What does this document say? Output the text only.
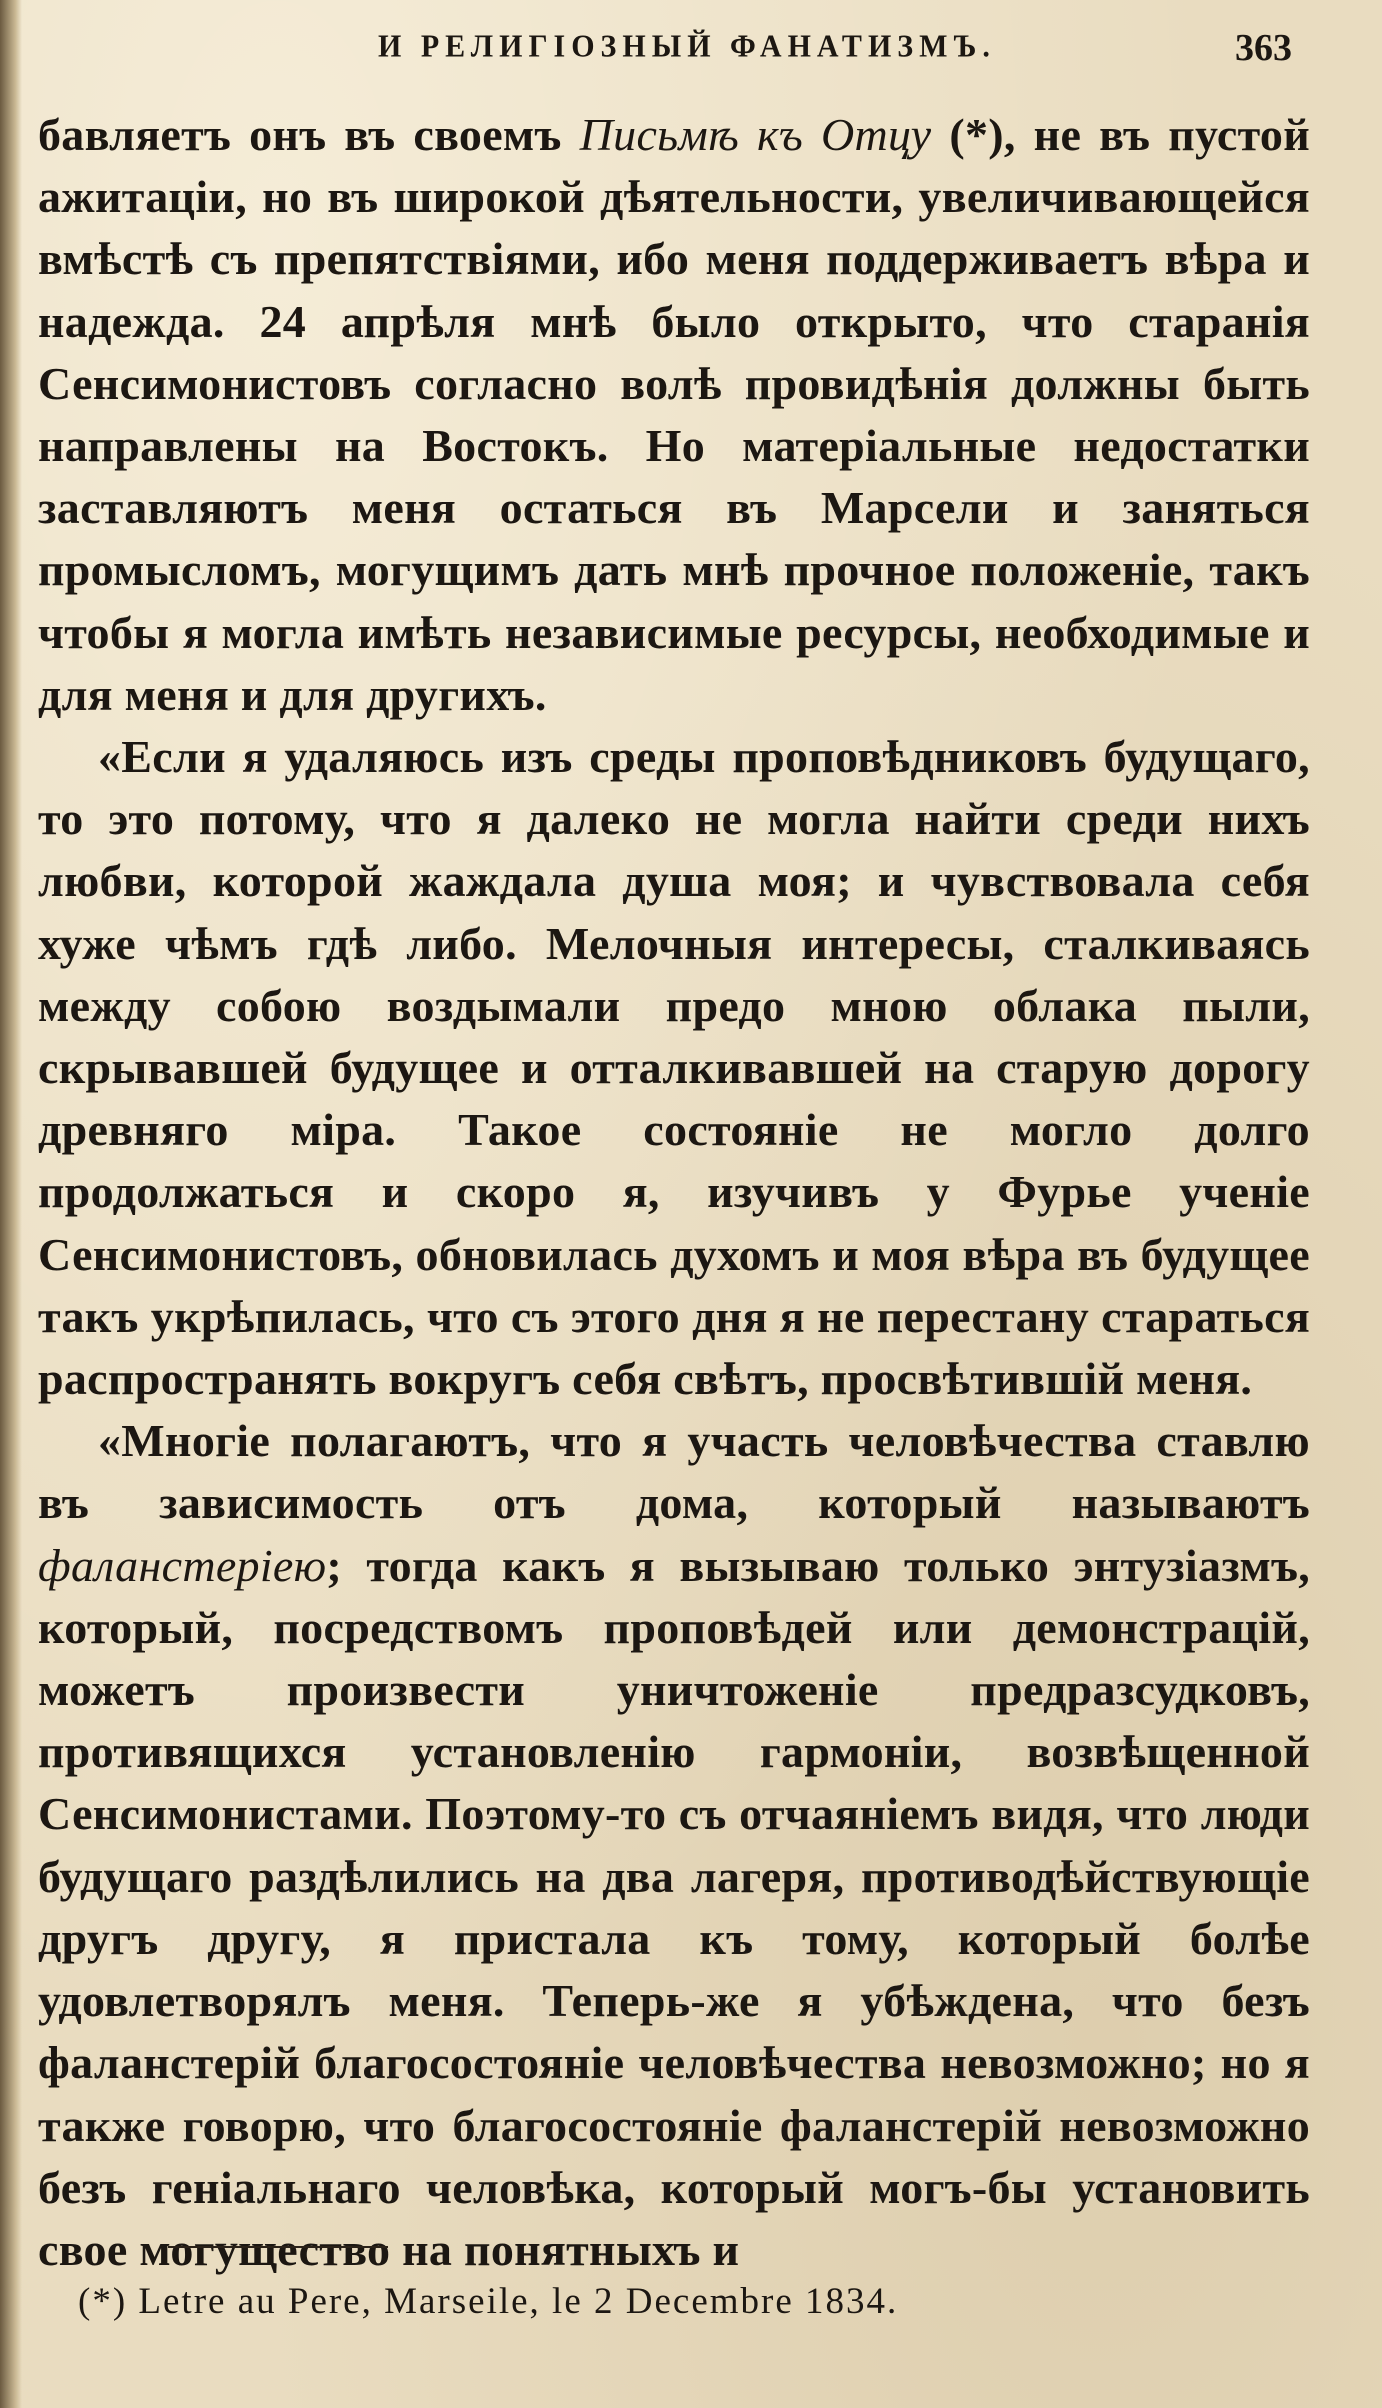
И РЕЛИГІОЗНЫЙ ФАНАТИЗМЪ.	363

бавляетъ онъ въ своемъ Письмѣ къ Отцу (*), не въ пустой ажитаціи, но въ широкой дѣятельности, увеличивающейся вмѣстѣ съ препятствіями, ибо меня поддерживаетъ вѣра и надежда. 24 апрѣля мнѣ было открыто, что старанія Сенсимонистовъ согласно волѣ провидѣнія должны быть направлены на Востокъ. Но матеріальные недостатки заставляютъ меня остаться въ Марсели и заняться промысломъ, могущимъ дать мнѣ прочное положеніе, такъ чтобы я могла имѣть независимые ресурсы, необходимые и для меня и для другихъ.

«Если я удаляюсь изъ среды проповѣдниковъ будущаго, то это потому, что я далеко не могла найти среди нихъ любви, которой жаждала душа моя; и чувствовала себя хуже чѣмъ гдѣ либо. Мелочныя интересы, сталкиваясь между собою воздымали предо мною облака пыли, скрывавшей будущее и отталкивавшей на старую дорогу древняго міра. Такое состояніе не могло долго продолжаться и скоро я, изучивъ у Фурье ученіе Сенсимонистовъ, обновилась духомъ и моя вѣра въ будущее такъ укрѣпилась, что съ этого дня я не перестану стараться распространять вокругъ себя свѣтъ, просвѣтившій меня.

«Многіе полагаютъ, что я участь человѣчества ставлю въ зависимость отъ дома, который называютъ фаланстеріею; тогда какъ я вызываю только энтузіазмъ, который, посредствомъ проповѣдей или демонстрацій, можетъ произвести уничтоженіе предразсудковъ, противящихся установленію гармоніи, возвѣщенной Сенсимонистами. Поэтому-то съ отчаяніемъ видя, что люди будущаго раздѣлились на два лагеря, противодѣйствующіе другъ другу, я пристала къ тому, который болѣе удовлетворялъ меня. Теперь-же я убѣждена, что безъ фаланстерій благосостояніе человѣчества невозможно; но я также говорю, что благосостояніе фаланстерій невозможно безъ геніальнаго человѣка, который могъ-бы установить свое могущество на понятныхъ и

(*) Letre au Pere, Marseile, le 2 Decembre 1834.
